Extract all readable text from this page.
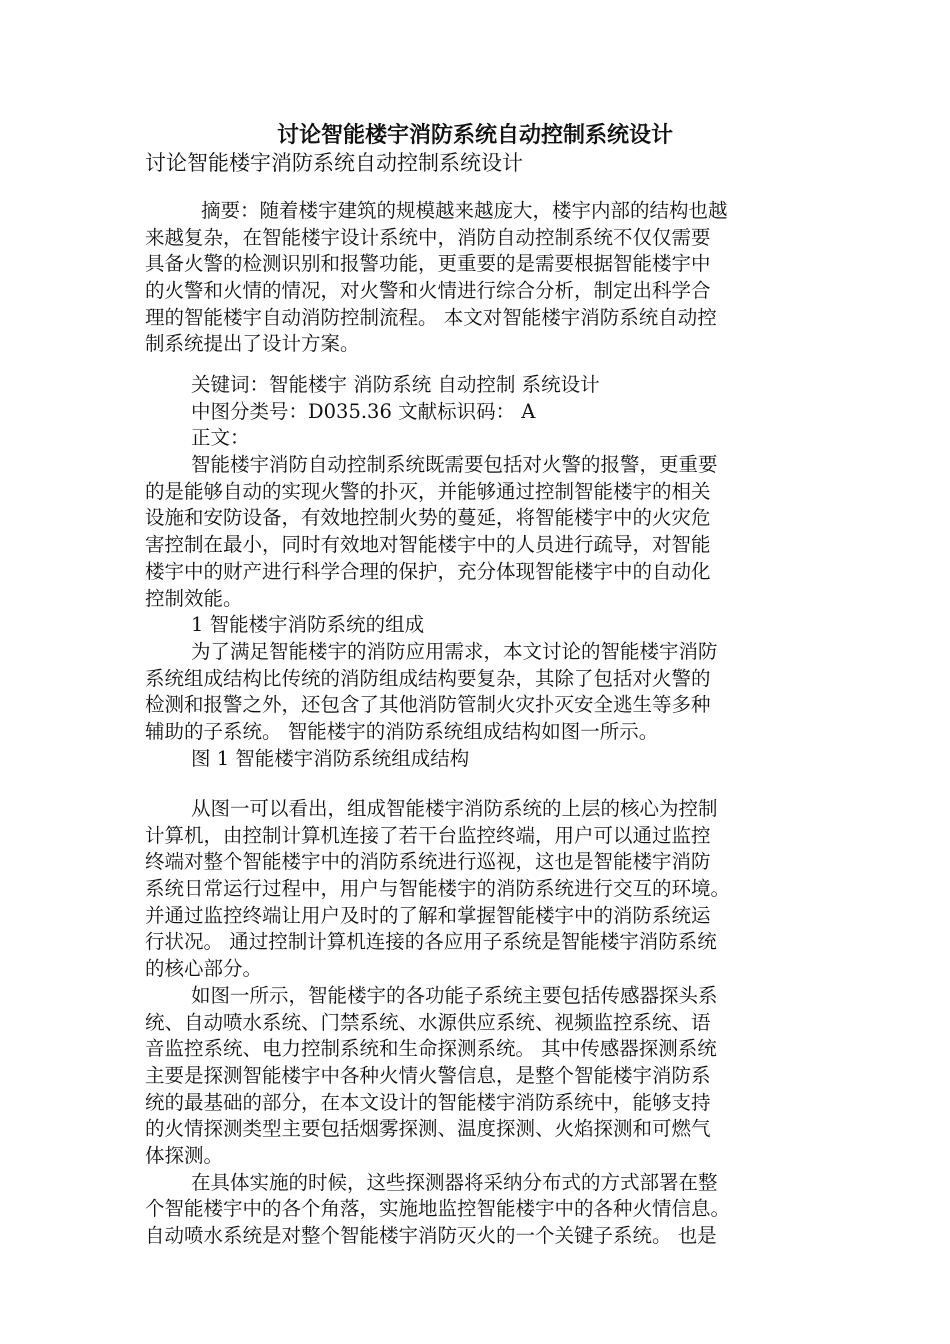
讨论智能楼宇消防系统自动控制系统设计
讨论智能楼宇消防系统自动控制系统设计
摘要：随着楼宇建筑的规模越来越庞大，楼宇内部的结构也越
来越复杂，在智能楼宇设计系统中，消防自动控制系统不仅仅需要
具备火警的检测识别和报警功能，更重要的是需要根据智能楼宇中
的火警和火情的情况，对火警和火情进行综合分析，制定出科学合
理的智能楼宇自动消防控制流程。 本文对智能楼宇消防系统自动控
制系统提出了设计方案。
关键词：智能楼宇 消防系统 自动控制 系统设计
中图分类号：D035.36 文献标识码： A
正文：
智能楼宇消防自动控制系统既需要包括对火警的报警，更重要
的是能够自动的实现火警的扑灭，并能够通过控制智能楼宇的相关
设施和安防设备，有效地控制火势的蔓延，将智能楼宇中的火灾危
害控制在最小，同时有效地对智能楼宇中的人员进行疏导，对智能
楼宇中的财产进行科学合理的保护，充分体现智能楼宇中的自动化
控制效能。
1 智能楼宇消防系统的组成
为了满足智能楼宇的消防应用需求，本文讨论的智能楼宇消防
系统组成结构比传统的消防组成结构要复杂，其除了包括对火警的
检测和报警之外，还包含了其他消防管制火灾扑灭安全逃生等多种
辅助的子系统。 智能楼宇的消防系统组成结构如图一所示。
图 1 智能楼宇消防系统组成结构
从图一可以看出，组成智能楼宇消防系统的上层的核心为控制
计算机，由控制计算机连接了若干台监控终端，用户可以通过监控
终端对整个智能楼宇中的消防系统进行巡视，这也是智能楼宇消防
系统日常运行过程中，用户与智能楼宇的消防系统进行交互的环境。
并通过监控终端让用户及时的了解和掌握智能楼宇中的消防系统运
行状况。 通过控制计算机连接的各应用子系统是智能楼宇消防系统
的核心部分。
如图一所示，智能楼宇的各功能子系统主要包括传感器探头系
统、自动喷水系统、门禁系统、水源供应系统、视频监控系统、语
音监控系统、电力控制系统和生命探测系统。 其中传感器探测系统
主要是探测智能楼宇中各种火情火警信息，是整个智能楼宇消防系
统的最基础的部分，在本文设计的智能楼宇消防系统中，能够支持
的火情探测类型主要包括烟雾探测、温度探测、火焰探测和可燃气
体探测。
在具体实施的时候，这些探测器将采纳分布式的方式部署在整
个智能楼宇中的各个角落，实施地监控智能楼宇中的各种火情信息。
自动喷水系统是对整个智能楼宇消防灭火的一个关键子系统。 也是
